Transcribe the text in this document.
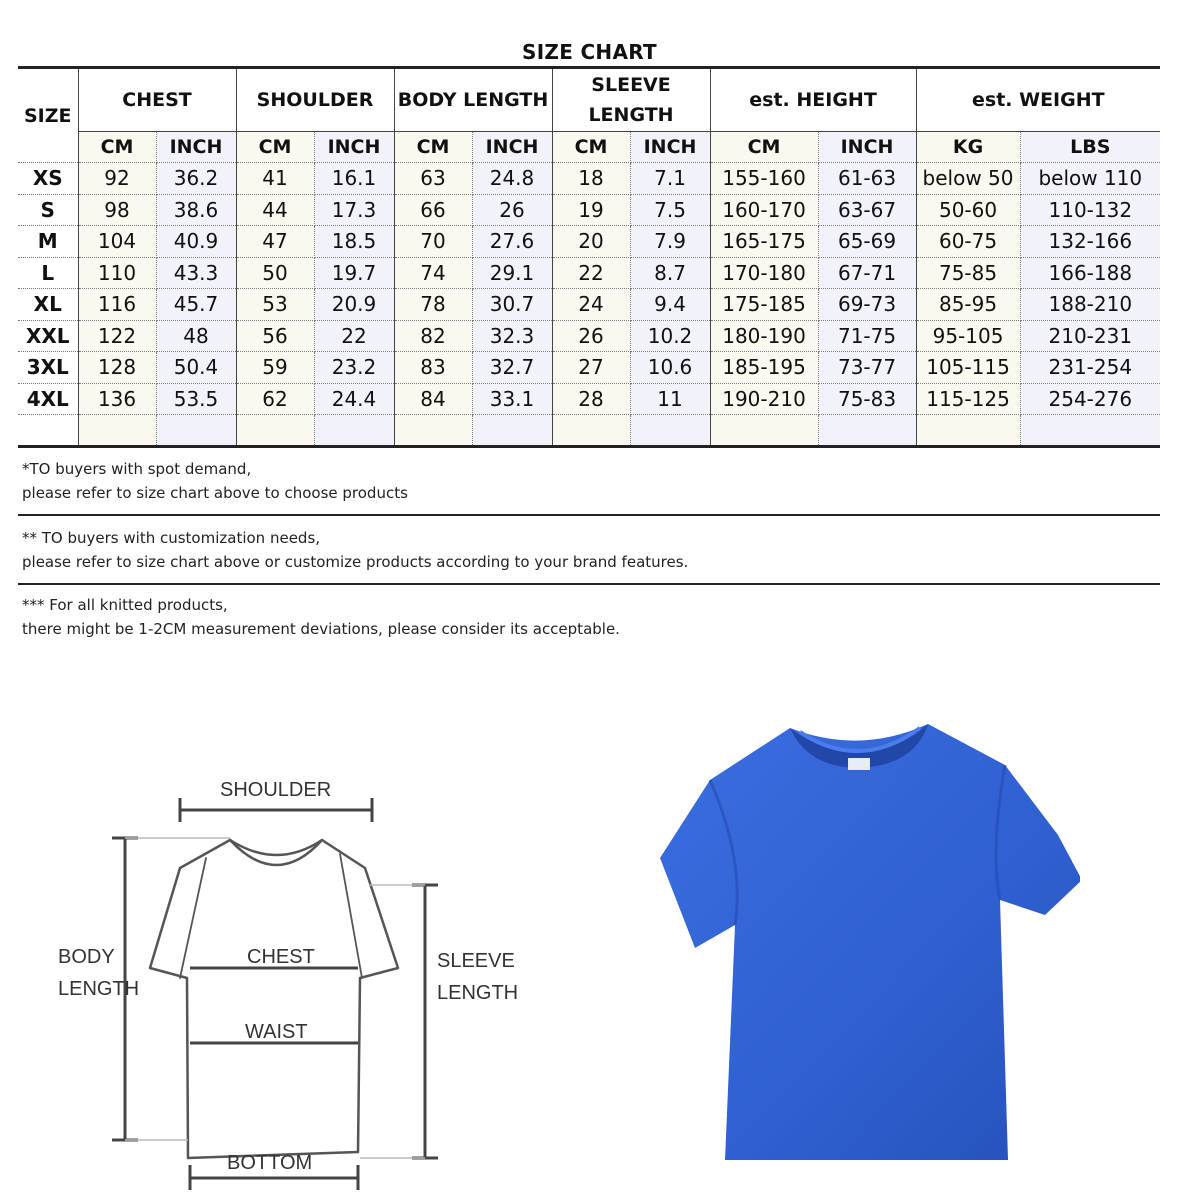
SIZE CHART
SIZE	CHEST		SHOULDER		BODY LENGTH		SLEEVE LENGTH		est. HEIGHT		est. WEIGHT	
	CM	INCH	CM	INCH	CM	INCH	CM	INCH	CM	INCH	KG	LBS
XS	92	36.2	41	16.1	63	24.8	18	7.1	155-160	61-63	below 50	below 110
S	98	38.6	44	17.3	66	26	19	7.5	160-170	63-67	50-60	110-132
M	104	40.9	47	18.5	70	27.6	20	7.9	165-175	65-69	60-75	132-166
L	110	43.3	50	19.7	74	29.1	22	8.7	170-180	67-71	75-85	166-188
XL	116	45.7	53	20.9	78	30.7	24	9.4	175-185	69-73	85-95	188-210
XXL	122	48	56	22	82	32.3	26	10.2	180-190	71-75	95-105	210-231
3XL	128	50.4	59	23.2	83	32.7	27	10.6	185-195	73-77	105-115	231-254
4XL	136	53.5	62	24.4	84	33.1	28	11	190-210	75-83	115-125	254-276

*TO buyers with spot demand,
please refer to size chart above to choose products
** TO buyers with customization needs,
please refer to size chart above or customize products according to your brand features.
*** For all knitted products,
there might be 1-2CM measurement deviations, please consider its acceptable.
SHOULDER
BODY
LENGTH
CHEST
WAIST
SLEEVE
LENGTH
BOTTOM
